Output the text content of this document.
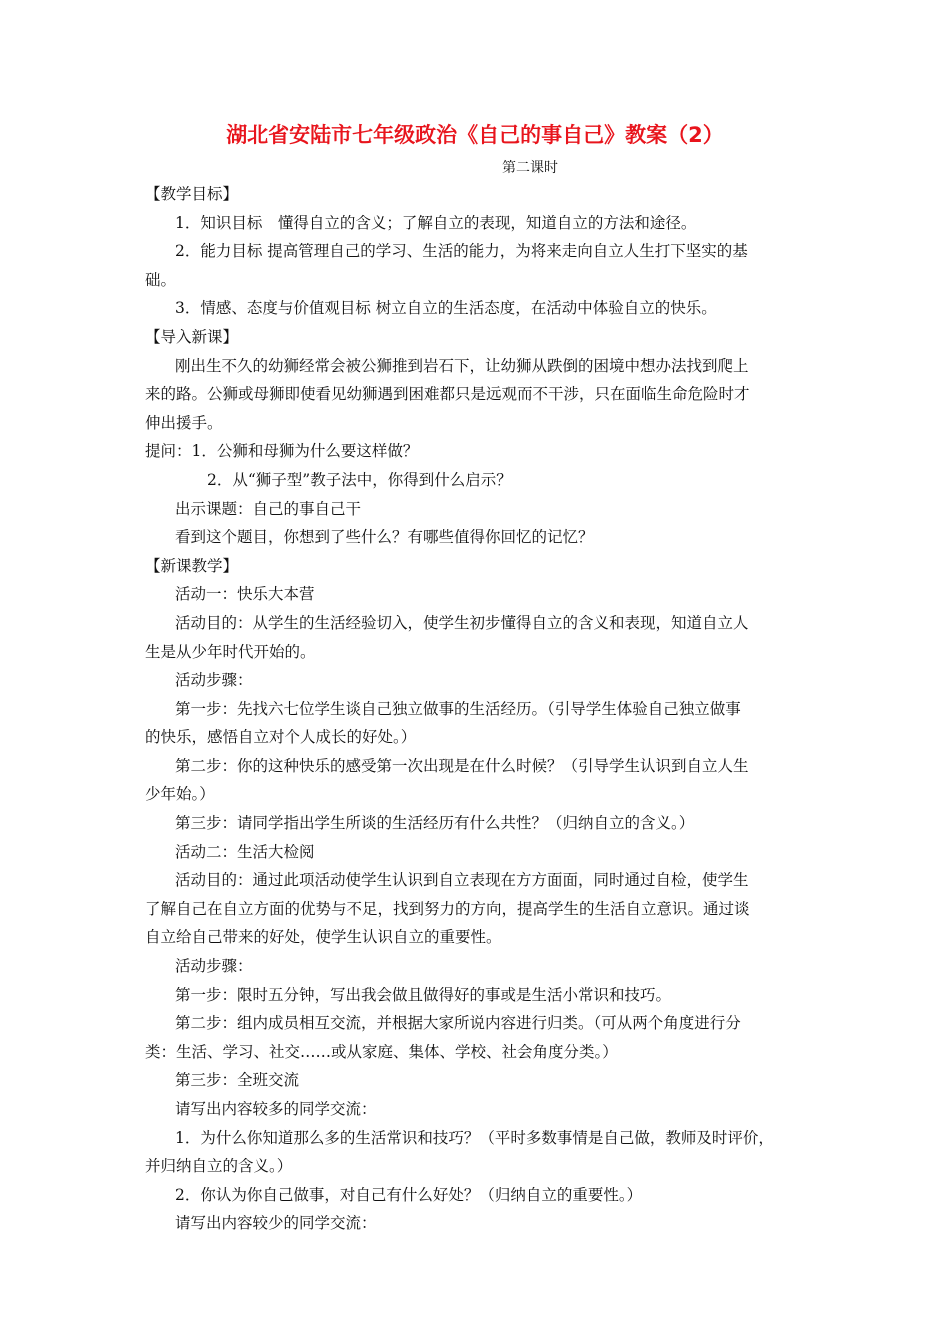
湖北省安陆市七年级政治《自己的事自己》教案（2）
第二课时
【教学目标】
1．知识目标　懂得自立的含义；了解自立的表现，知道自立的方法和途径。
2．能力目标 提高管理自己的学习、生活的能力，为将来走向自立人生打下坚实的基
础。
3．情感、态度与价值观目标 树立自立的生活态度，在活动中体验自立的快乐。
【导入新课】
刚出生不久的幼狮经常会被公狮推到岩石下，让幼狮从跌倒的困境中想办法找到爬上
来的路。公狮或母狮即使看见幼狮遇到困难都只是远观而不干涉，只在面临生命危险时才
伸出援手。
提问：1．公狮和母狮为什么要这样做？
2．从“狮子型”教子法中，你得到什么启示？
出示课题：自己的事自己干
看到这个题目，你想到了些什么？有哪些值得你回忆的记忆？
【新课教学】
活动一：快乐大本营
活动目的：从学生的生活经验切入，使学生初步懂得自立的含义和表现，知道自立人
生是从少年时代开始的。
活动步骤：
第一步：先找六七位学生谈自己独立做事的生活经历。（引导学生体验自己独立做事
的快乐，感悟自立对个人成长的好处。）
第二步：你的这种快乐的感受第一次出现是在什么时候？（引导学生认识到自立人生
少年始。）
第三步：请同学指出学生所谈的生活经历有什么共性？（归纳自立的含义。）
活动二：生活大检阅
活动目的：通过此项活动使学生认识到自立表现在方方面面，同时通过自检，使学生
了解自己在自立方面的优势与不足，找到努力的方向，提高学生的生活自立意识。通过谈
自立给自己带来的好处，使学生认识自立的重要性。
活动步骤：
第一步：限时五分钟，写出我会做且做得好的事或是生活小常识和技巧。
第二步：组内成员相互交流，并根据大家所说内容进行归类。（可从两个角度进行分
类：生活、学习、社交……或从家庭、集体、学校、社会角度分类。）
第三步：全班交流
请写出内容较多的同学交流：
1．为什么你知道那么多的生活常识和技巧？（平时多数事情是自己做，教师及时评价，
并归纳自立的含义。）
2．你认为你自己做事，对自己有什么好处？（归纳自立的重要性。）
请写出内容较少的同学交流：
